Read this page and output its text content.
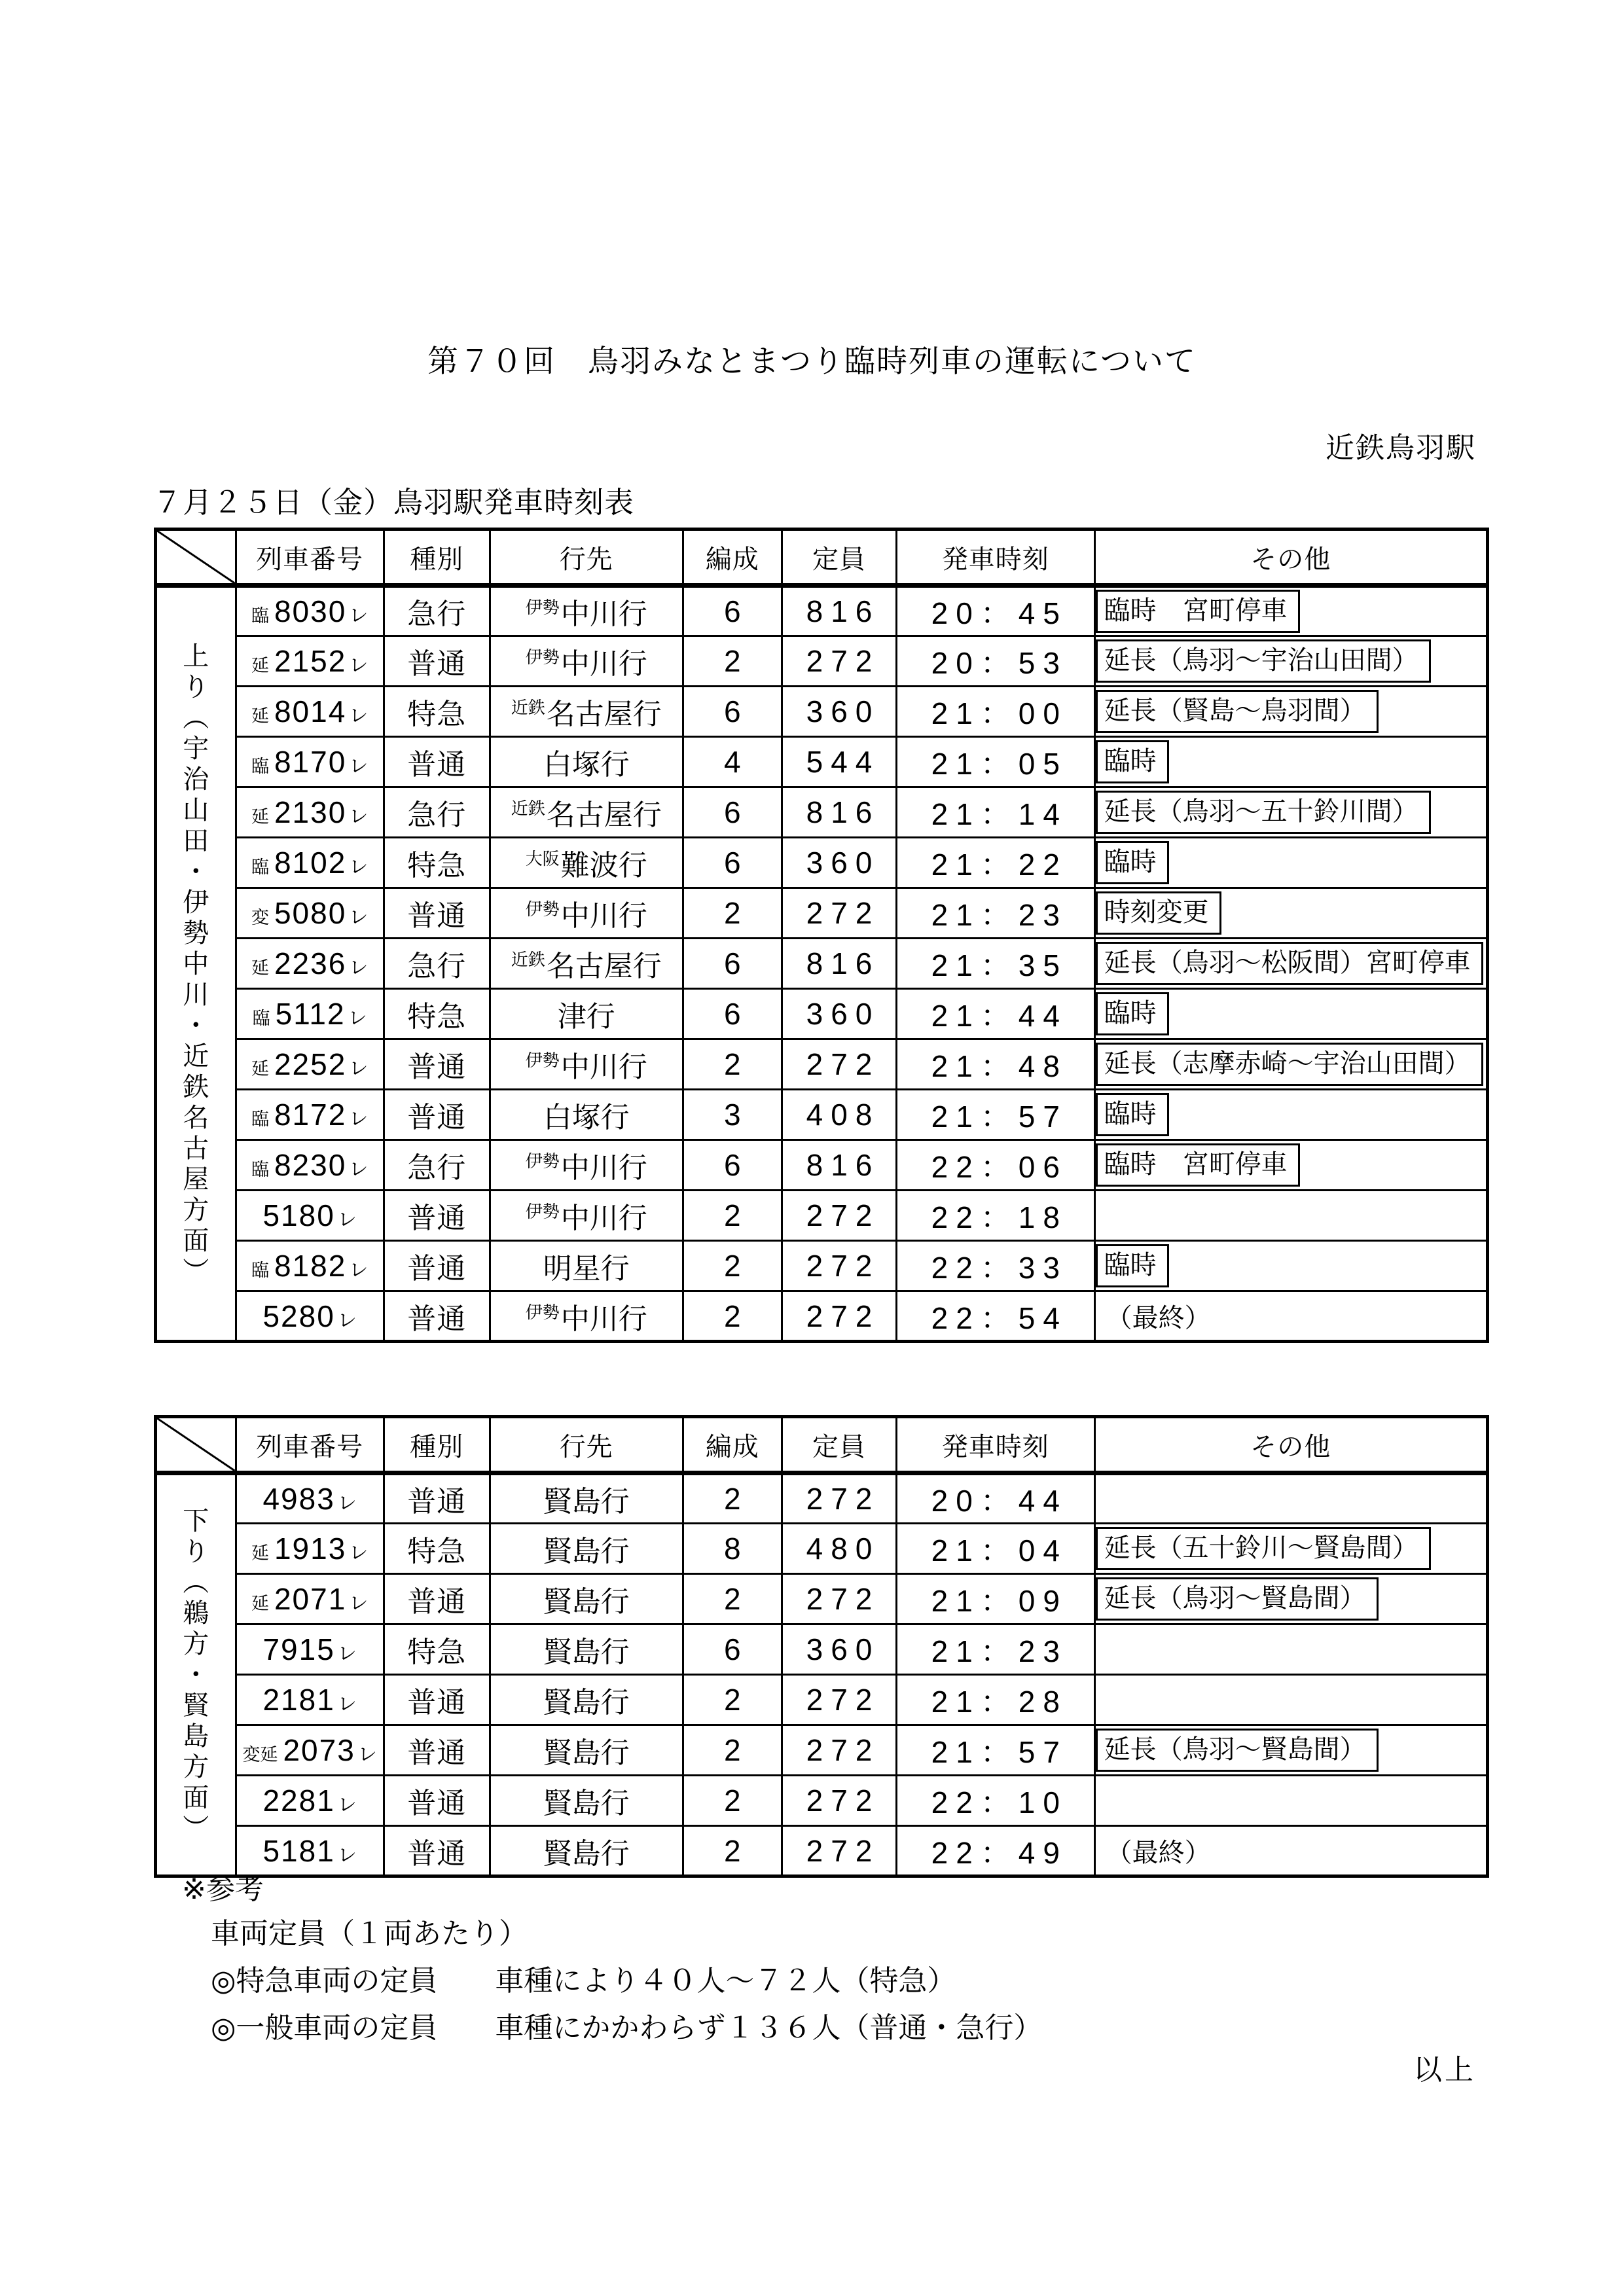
第７０回　鳥羽みなとまつり臨時列車の運転について
近鉄鳥羽駅
７月２５日（金）鳥羽駅発車時刻表
	列車番号	種別	行先	編成	定員	発車時刻	その他

上
り
︵
宇
治
山
田
・
伊
勢
中
川
・
近
鉄
名
古
屋
方
面
︶
	臨 8030 レ	急行	$^{伊勢}$中川行	6	816	20：45	臨時　宮町停車
	延 2152 レ	普通	$^{伊勢}$中川行	2	272	20：53	延長（鳥羽～宇治山田間）
	延 8014 レ	特急	$^{近鉄}$名古屋行	6	360	21：00	延長（賢島～鳥羽間）
	臨 8170 レ	普通	白塚行	4	544	21：05	臨時
	延 2130 レ	急行	$^{近鉄}$名古屋行	6	816	21：14	延長（鳥羽～五十鈴川間）
	臨 8102 レ	特急	$^{大阪}$難波行	6	360	21：22	臨時
	変 5080 レ	普通	$^{伊勢}$中川行	2	272	21：23	時刻変更
	延 2236 レ	急行	$^{近鉄}$名古屋行	6	816	21：35	延長（鳥羽～松阪間）宮町停車
	臨 5112 レ	特急	津行	6	360	21：44	臨時
	延 2252 レ	普通	$^{伊勢}$中川行	2	272	21：48	延長（志摩赤崎～宇治山田間）
	臨 8172 レ	普通	白塚行	3	408	21：57	臨時
	臨 8230 レ	急行	$^{伊勢}$中川行	6	816	22：06	臨時　宮町停車
	5180 レ	普通	$^{伊勢}$中川行	2	272	22：18	
	臨 8182 レ	普通	明星行	2	272	22：33	臨時
	5280 レ	普通	$^{伊勢}$中川行	2	272	22：54	（最終）
	列車番号	種別	行先	編成	定員	発車時刻	その他

下
り
︵
鵜
方
・
賢
島
方
面
︶
	4983 レ	普通	賢島行	2	272	20：44	
	延 1913 レ	特急	賢島行	8	480	21：04	延長（五十鈴川～賢島間）
	延 2071 レ	普通	賢島行	2	272	21：09	延長（鳥羽～賢島間）
	7915 レ	特急	賢島行	6	360	21：23	
	2181 レ	普通	賢島行	2	272	21：28	
	変延 2073 レ	普通	賢島行	2	272	21：57	延長（鳥羽～賢島間）
	2281 レ	普通	賢島行	2	272	22：10	
	5181 レ	普通	賢島行	2	272	22：49	（最終）
※参考
車両定員（１両あたり）
◎特急車両の定員　　車種により４０人～７２人（特急）
◎一般車両の定員　　車種にかかわらず１３６人（普通・急行）
以上
